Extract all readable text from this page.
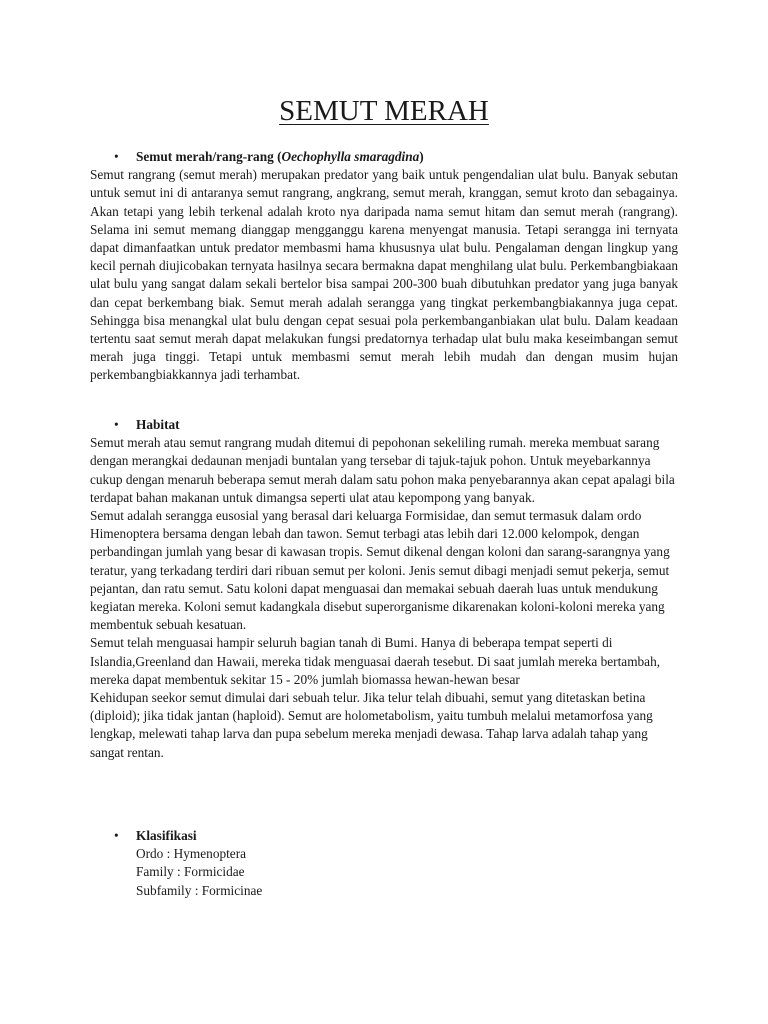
SEMUT MERAH
• Semut merah/rang-rang (Oechophylla smaragdina)

Semut rangrang (semut merah) merupakan predator yang baik untuk pengendalian ulat bulu. Banyak sebutan untuk semut ini di antaranya semut rangrang, angkrang, semut merah, kranggan, semut kroto dan sebagainya. Akan tetapi yang lebih terkenal adalah kroto nya daripada nama semut hitam dan semut merah (rangrang). Selama ini semut memang dianggap mengganggu karena menyengat manusia. Tetapi serangga ini ternyata dapat dimanfaatkan untuk predator membasmi hama khususnya ulat bulu. Pengalaman dengan lingkup yang kecil pernah diujicobakan ternyata hasilnya secara bermakna dapat menghilang ulat bulu. Perkembangbiakaan ulat bulu yang sangat dalam sekali bertelor bisa sampai 200-300 buah dibutuhkan predator yang juga banyak dan cepat berkembang biak. Semut merah adalah serangga yang tingkat perkembangbiakannya juga cepat. Sehingga bisa menangkal ulat bulu dengan cepat sesuai pola perkembanganbiakan ulat bulu. Dalam keadaan tertentu saat semut merah dapat melakukan fungsi predatornya terhadap ulat bulu maka keseimbangan semut merah juga tinggi. Tetapi untuk membasmi semut merah lebih mudah dan dengan musim hujan perkembangbiakkannya jadi terhambat.

• Habitat

Semut merah atau semut rangrang mudah ditemui di pepohonan sekeliling rumah. mereka membuat sarang dengan merangkai dedaunan menjadi buntalan yang tersebar di tajuk-tajuk pohon. Untuk meyebarkannya cukup dengan menaruh beberapa semut merah dalam satu pohon maka penyebarannya akan cepat apalagi bila terdapat bahan makanan untuk dimangsa seperti ulat atau kepompong yang banyak.

Semut adalah serangga eusosial yang berasal dari keluarga Formisidae, dan semut termasuk dalam ordo Himenoptera bersama dengan lebah dan tawon. Semut terbagi atas lebih dari 12.000 kelompok, dengan perbandingan jumlah yang besar di kawasan tropis. Semut dikenal dengan koloni dan sarang-sarangnya yang teratur, yang terkadang terdiri dari ribuan semut per koloni. Jenis semut dibagi menjadi semut pekerja, semut pejantan, dan ratu semut. Satu koloni dapat menguasai dan memakai sebuah daerah luas untuk mendukung kegiatan mereka. Koloni semut kadangkala disebut superorganisme dikarenakan koloni-koloni mereka yang membentuk sebuah kesatuan.

Semut telah menguasai hampir seluruh bagian tanah di Bumi. Hanya di beberapa tempat seperti di Islandia,Greenland dan Hawaii, mereka tidak menguasai daerah tesebut. Di saat jumlah mereka bertambah, mereka dapat membentuk sekitar 15 - 20% jumlah biomassa hewan-hewan besar

Kehidupan seekor semut dimulai dari sebuah telur. Jika telur telah dibuahi, semut yang ditetaskan betina (diploid); jika tidak jantan (haploid). Semut are holometabolism, yaitu tumbuh melalui metamorfosa yang lengkap, melewati tahap larva dan pupa sebelum mereka menjadi dewasa. Tahap larva adalah tahap yang sangat rentan.

• Klasifikasi
Ordo : Hymenoptera
Family : Formicidae
Subfamily : Formicinae
